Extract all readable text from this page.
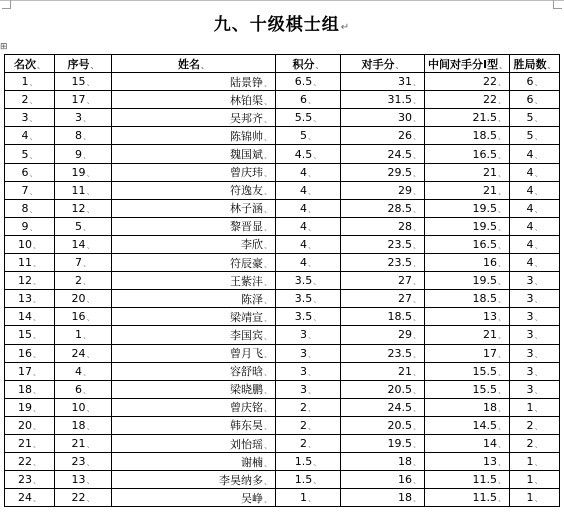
九、十级棋士组↵
⊞
名次、	序号、	姓名、	积分、	对手分、	中间对手分Ⅰ型、	胜局数、
1、	15、	陆景铮、	6.5、	31、	22、	6、
2、	17、	林铂渠、	6、	31.5、	22、	6、
3、	3、	吴邦齐、	5.5、	30、	21.5、	5、
4、	8、	陈锦帅、	5、	26、	18.5、	5、
5、	9、	魏国斌、	4.5、	24.5、	16.5、	4、
6、	19、	曾庆玮、	4、	29.5、	21、	4、
7、	11、	符逸友、	4、	29、	21、	4、
8、	12、	林子涵、	4、	28.5、	19.5、	4、
9、	5、	黎晋显、	4、	28、	19.5、	4、
10、	14、	李欣、	4、	23.5、	16.5、	4、
11、	7、	符辰豪、	4、	23.5、	16、	4、
12、	2、	王紫沣、	3.5、	27、	19.5、	3、
13、	20、	陈泽、	3.5、	27、	18.5、	3、
14、	16、	梁靖宣、	3.5、	18.5、	13、	3、
15、	1、	李国宾、	3、	29、	21、	3、
16、	24、	曾月飞、	3、	23.5、	17、	3、
17、	4、	容舒晗、	3、	21、	15.5、	3、
18、	6、	梁晓鹏、	3、	20.5、	15.5、	3、
19、	10、	曾庆铭、	2、	24.5、	18、	1、
20、	18、	韩东昊、	2、	20.5、	14.5、	2、
21、	21、	刘怡瑶、	2、	19.5、	14、	2、
22、	23、	谢楠、	1.5、	18、	13、	1、
23、	13、	李昊纳多、	1.5、	16、	11.5、	1、
24、	22、	吴峥、	1、	18、	11.5、	1、
